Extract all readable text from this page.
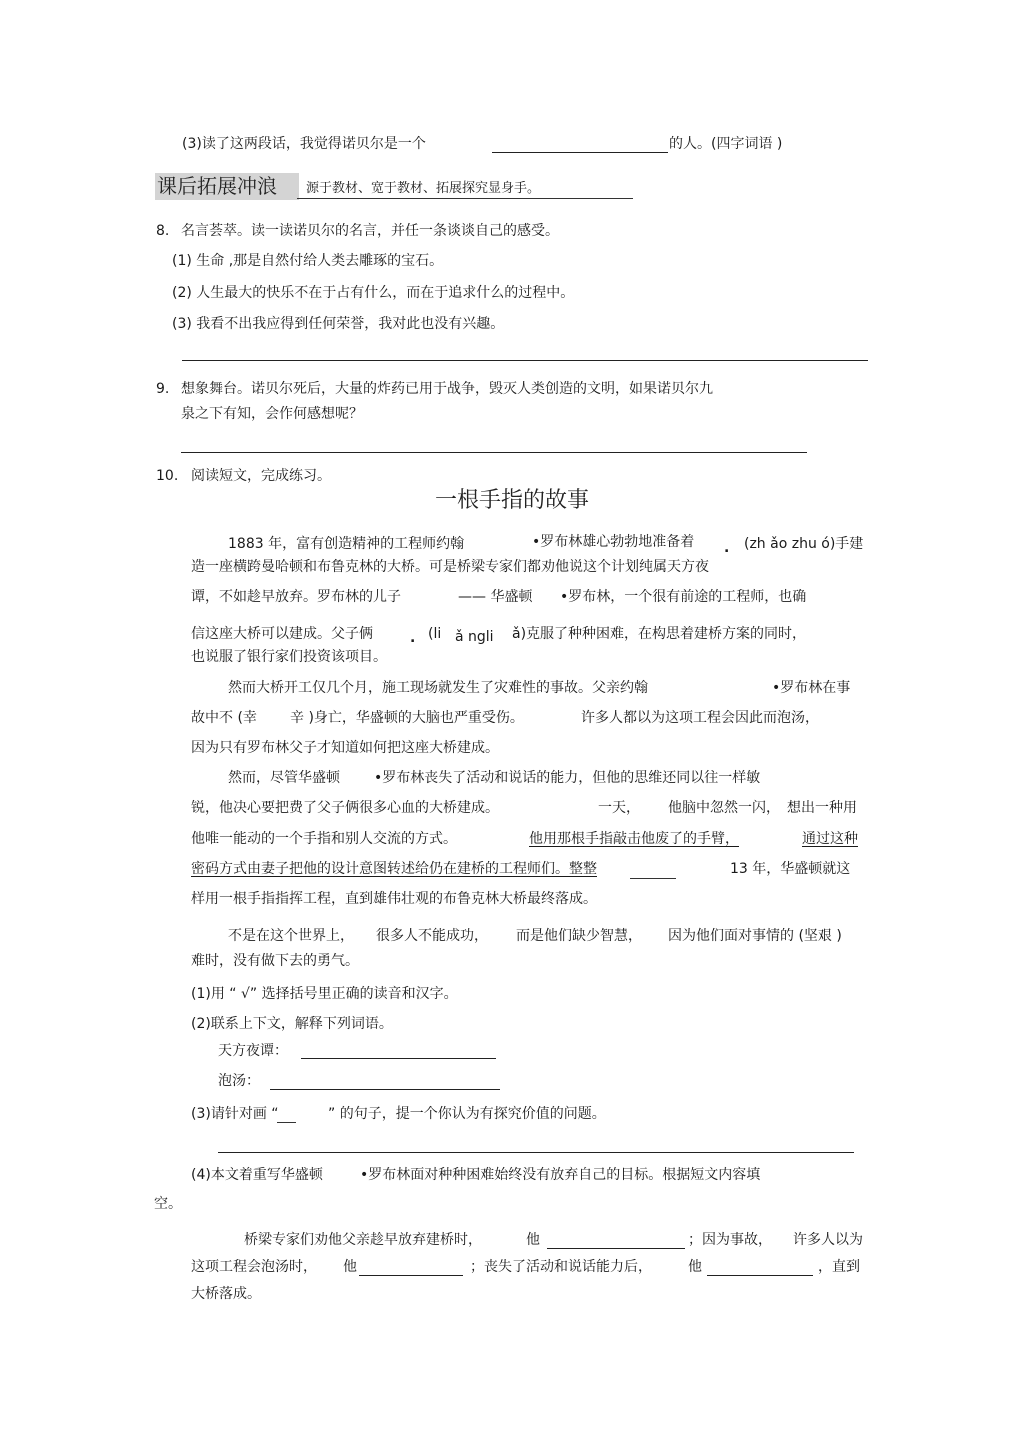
(3)读了这两段话，我觉得诺贝尔是一个	的人。(四字词语 )
课后拓展冲浪	源于教材、宽于教材、拓展探究显身手。
8. 名言荟萃。读一读诺贝尔的名言，并任一条谈谈自己的感受。
(1) 生命 ,那是自然付给人类去雕琢的宝石。
(2) 人生最大的快乐不在于占有什么，而在于追求什么的过程中。
(3) 我看不出我应得到任何荣誉，我对此也没有兴趣。
9. 想象舞台。诺贝尔死后，大量的炸药已用于战争，毁灭人类创造的文明，如果诺贝尔九
泉之下有知，会作何感想呢？
10. 阅读短文，完成练习。
一根手指的故事
1883 年，富有创造精神的工程师约翰	•罗布林雄心勃勃地准备着 . (zh ǎo zhu ó)手建
造一座横跨曼哈顿和布鲁克林的大桥。可是桥梁专家们都劝他说这个计划纯属天方夜
谭，不如趁早放弃。罗布林的儿子	—— 华盛顿 •罗布林，一个很有前途的工程师，也确
信这座大桥可以建成。父子俩	. (li ǎ ngli ǎ)克服了种种困难，在构思着建桥方案的同时，
也说服了银行家们投资该项目。
然而大桥开工仅几个月，施工现场就发生了灾难性的事故。父亲约翰	•罗布林在事
故中不 (幸 辛 )身亡，华盛顿的大脑也严重受伤。	许多人都以为这项工程会因此而泡汤，
因为只有罗布林父子才知道如何把这座大桥建成。
然而，尽管华盛顿 •罗布林丧失了活动和说话的能力，但他的思维还同以往一样敏
锐，他决心要把费了父子俩很多心血的大桥建成。	一天， 他脑中忽然一闪， 想出一种用
他唯一能动的一个手指和别人交流的方式。	他用那根手指敲击他废了的手臂，	通过这种
密码方式由妻子把他的设计意图转述给仍在建桥的工程师们。整整	13 年，华盛顿就这
样用一根手指指挥工程，直到雄伟壮观的布鲁克林大桥最终落成。
不是在这个世界上， 很多人不能成功， 而是他们缺少智慧， 因为他们面对事情的 (坚艰 )
难时，没有做下去的勇气。
(1)用 “ √” 选择括号里正确的读音和汉字。
(2)联系上下文，解释下列词语。
天方夜谭：
泡汤：
(3)请针对画 “	” 的句子，提一个你认为有探究价值的问题。
(4)本文着重写华盛顿	•罗布林面对种种困难始终没有放弃自己的目标。根据短文内容填
空。
桥梁专家们劝他父亲趁早放弃建桥时，	他	；因为事故， 许多人以为
这项工程会泡汤时， 他	；丧失了活动和说话能力后，	他	，直到
大桥落成。
